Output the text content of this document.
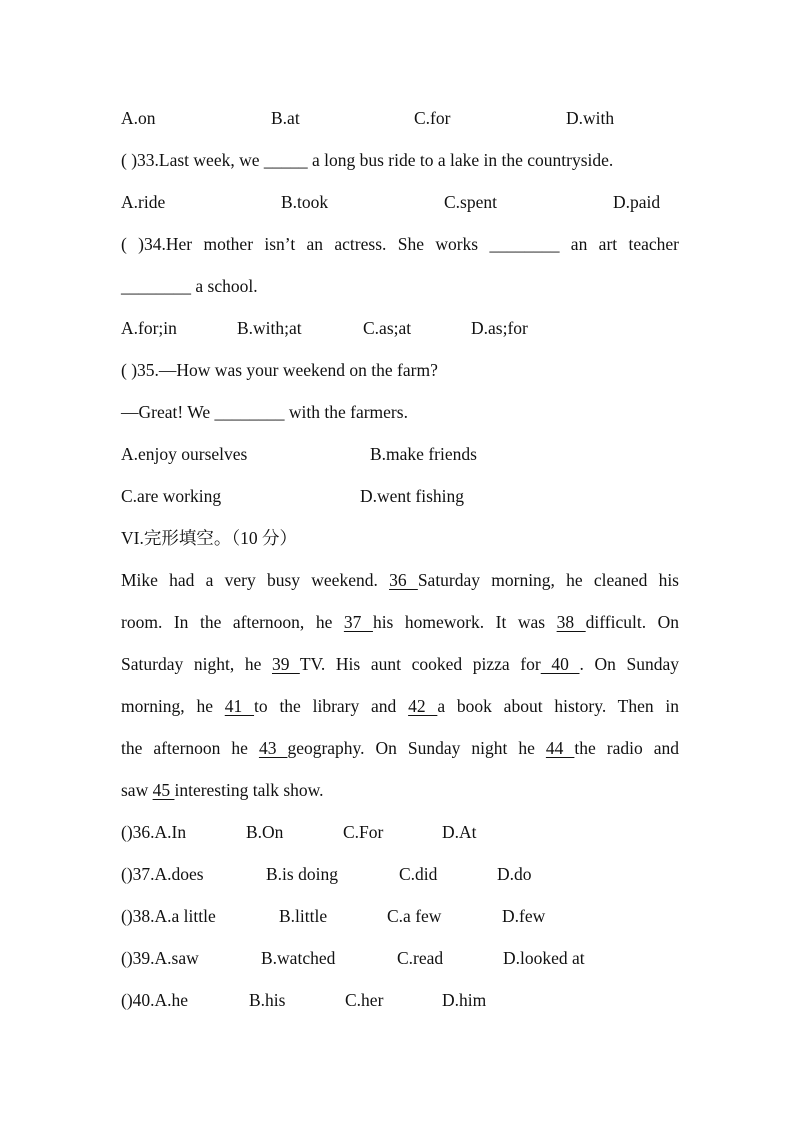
A.on	B.at	C.for	D.with
( )33.Last week, we _____ a long bus ride to a lake in the countryside.
A.ride	B.took	C.spent	D.paid
( )34.Her mother isn’t an actress. She works ________ an art teacher
________ a school.
A.for;in	B.with;at	C.as;at	D.as;for
( )35.—How was your weekend on the farm?
—Great! We ________ with the farmers.
A.enjoy ourselves	B.make friends
C.are working	D.went fishing
VI.完形填空。（10 分）
Mike had a very busy weekend. 36 Saturday morning, he cleaned his
room. In the afternoon, he 37 his homework. It was 38 difficult. On
Saturday night, he 39 TV. His aunt cooked pizza for 40 . On Sunday
morning, he 41 to the library and 42 a book about history. Then in
the afternoon he 43 geography. On Sunday night he 44 the radio and
saw 45 interesting talk show.
()36.A.In	B.On	C.For	D.At
()37.A.does	B.is doing	C.did	D.do
()38.A.a little	B.little	C.a few	D.few
()39.A.saw	B.watched	C.read	D.looked at
()40.A.he	B.his	C.her	D.him
